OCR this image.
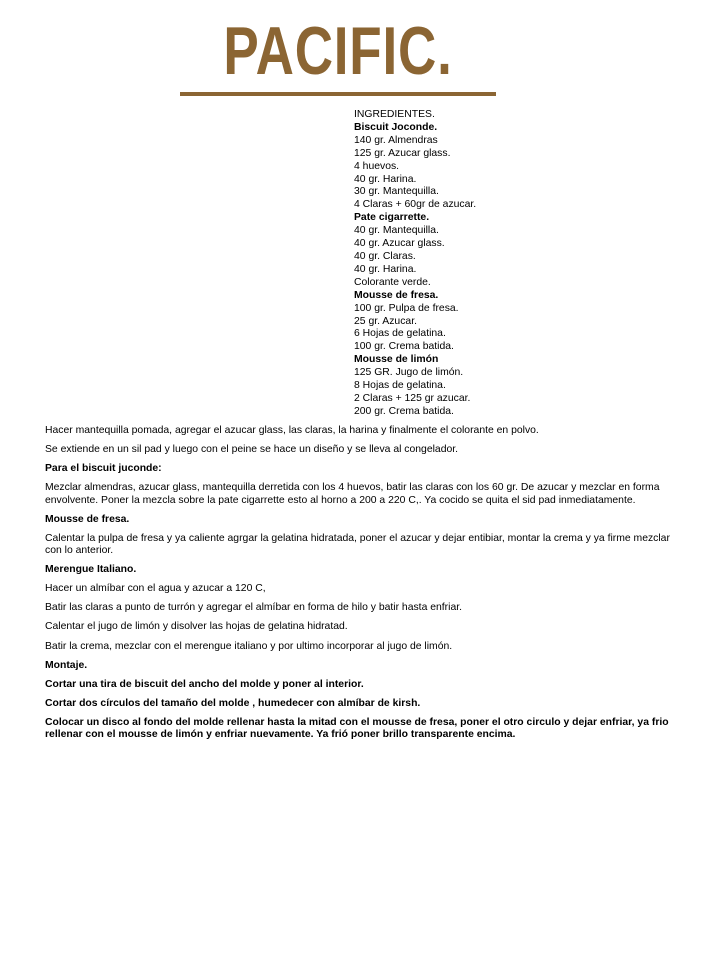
PACIFIC.
INGREDIENTES.
Biscuit Joconde.
140 gr. Almendras
125 gr. Azucar glass.
4 huevos.
40 gr. Harina.
30 gr. Mantequilla.
4 Claras + 60gr de azucar.
Pate cigarrette.
40 gr. Mantequilla.
40 gr. Azucar glass.
40 gr. Claras.
40 gr. Harina.
Colorante verde.
Mousse de fresa.
100 gr. Pulpa de fresa.
25 gr. Azucar.
6 Hojas de gelatina.
100 gr. Crema batida.
Mousse de limón
125 GR. Jugo de limón.
8 Hojas de gelatina.
2 Claras + 125 gr azucar.
200 gr. Crema batida.

Hacer mantequilla pomada, agregar el azucar glass, las claras, la harina y finalmente el colorante en polvo.

Se extiende en un sil pad y luego con el peine se hace un diseño y se lleva al congelador.

Para el biscuit juconde:

Mezclar almendras, azucar glass, mantequilla derretida con los 4 huevos, batir las claras con los 60 gr. De azucar y mezclar en forma envolvente. Poner la mezcla sobre la pate cigarrette esto al horno a 200 a 220 C,. Ya cocido se quita el sid pad inmediatamente.

Mousse de fresa.

Calentar la pulpa de fresa y ya caliente agrgar la gelatina hidratada, poner el azucar y dejar entibiar, montar la crema y ya firme mezclar con lo anterior.

Merengue Italiano.

Hacer un almíbar con el agua y azucar a 120 C,

Batir las claras a punto de turrón y agregar el almíbar en forma de hilo y batir hasta enfriar.

Calentar el jugo de limón y disolver las hojas de gelatina hidratad.

Batir la crema, mezclar con el merengue italiano y por ultimo incorporar al jugo de limón.

Montaje.

Cortar una tira de biscuit del ancho del molde y poner al interior.

Cortar dos círculos del tamaño del molde , humedecer con almíbar de kirsh.

Colocar un disco al fondo del molde rellenar hasta la mitad con el mousse de fresa, poner el otro circulo y dejar enfriar, ya frio rellenar con el mousse de limón y enfriar nuevamente. Ya frió poner brillo transparente encima.
